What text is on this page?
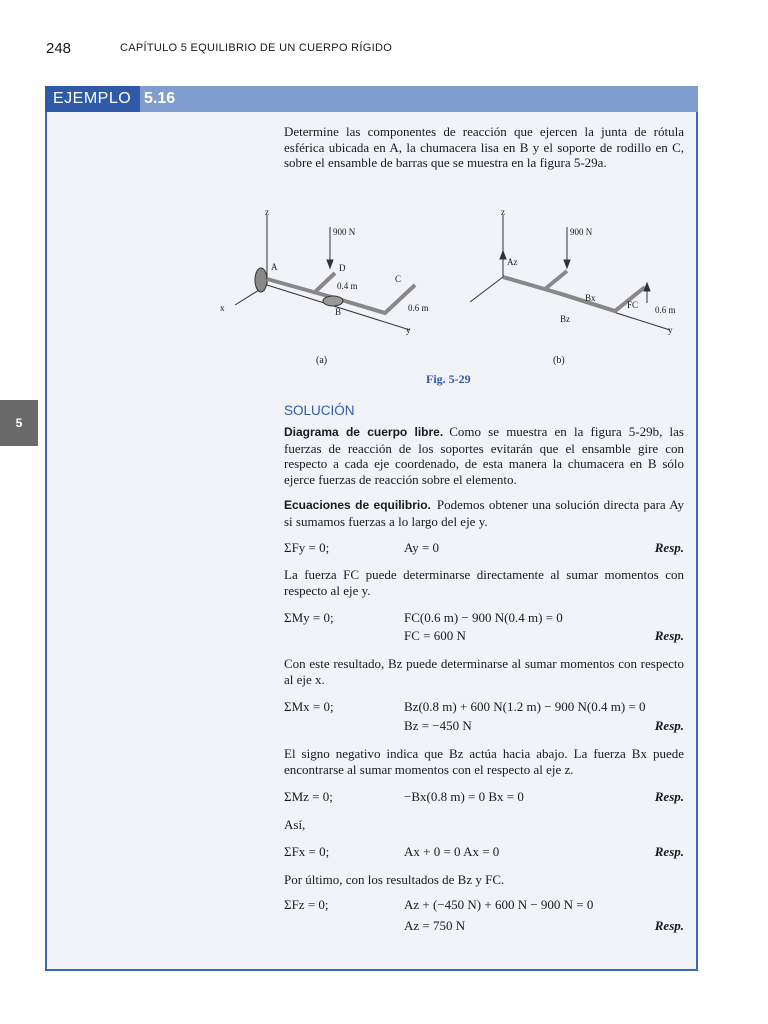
248	CAPÍTULO 5 EQUILIBRIO DE UN CUERPO RÍGIDO
5
EJEMPLO 5.16
Determine las componentes de reacción que ejercen la junta de rótula esférica ubicada en A, la chumacera lisa en B y el soporte de rodillo en C, sobre el ensamble de barras que se muestra en la figura 5-29a.
z
x
900 N
A	D
B
C
0.4 m
0.6 m
z
900 N
Az
Bx
Bz
FC 0.6 m
y
y
(a)	(b)
Fig. 5-29
SOLUCIÓN
Diagrama de cuerpo libre. Como se muestra en la figura 5-29b, las fuerzas de reacción de los soportes evitarán que el ensamble gire con respecto a cada eje coordenado, de esta manera la chumacera en B sólo ejerce fuerzas de reacción sobre el elemento.
Ecuaciones de equilibrio. Podemos obtener una solución directa para Ay si sumamos fuerzas a lo largo del eje y.
ΣFy = 0;	Ay = 0	Resp.
La fuerza FC puede determinarse directamente al sumar momentos con respecto al eje y.
ΣMy = 0;	FC(0.6 m) − 900 N(0.4 m) = 0
FC = 600 N	Resp.
Con este resultado, Bz puede determinarse al sumar momentos con respecto al eje x.
ΣMx = 0;	Bz(0.8 m) + 600 N(1.2 m) − 900 N(0.4 m) = 0
Bz = −450 N	Resp.
El signo negativo indica que Bz actúa hacia abajo. La fuerza Bx puede encontrarse al sumar momentos con el respecto al eje z.
ΣMz = 0;	−Bx(0.8 m) = 0 Bx = 0	Resp.
Así,
ΣFx = 0;	Ax + 0 = 0 Ax = 0	Resp.
Por último, con los resultados de Bz y FC.
ΣFz = 0;	Az + (−450 N) + 600 N − 900 N = 0
Az = 750 N	Resp.
